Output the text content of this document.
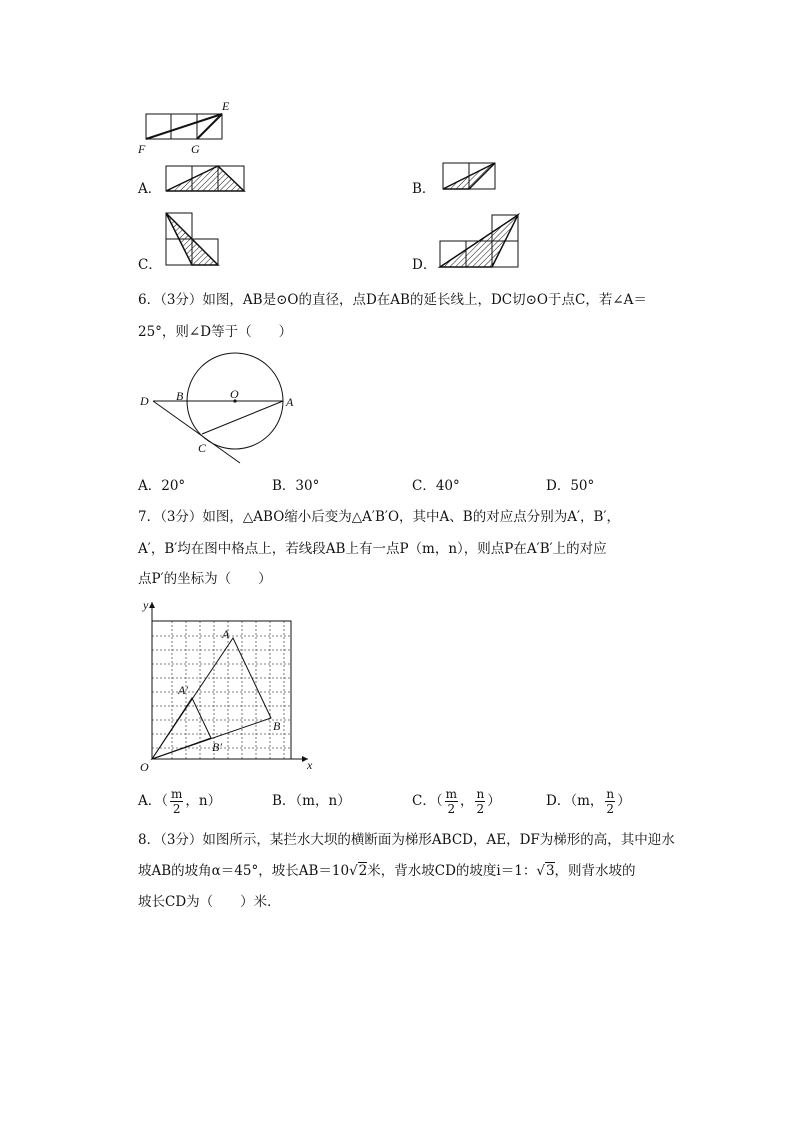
E
F	G
A．	B．
C．	D．
6．（3分）如图，AB是⊙O的直径，点D在AB的延长线上，DC切⊙O于点C，若∠A＝
25°，则∠D等于（　　）
D B	O
A
C
A．20°	B．30°	C．40°	D．50°
7．（3分）如图，△ABO缩小后变为△A′B′O，其中A、B的对应点分别为A′，B′，
A′，B′均在图中格点上，若线段AB上有一点P（m，n），则点P在A′B′上的对应
点P′的坐标为（　　）
y
x
O
A
A′
B
B′
A．（ $\frac{m}{2}$ ，n）	B．（m，n）	C．（ $\frac{m}{2}$ ， $\frac{n}{2}$ ）	D．（m， $\frac{n}{2}$ ）
8．（3分）如图所示，某拦水大坝的横断面为梯形ABCD，AE，DF为梯形的高，其中迎水
坡AB的坡角α＝45°，坡长AB＝10√2米，背水坡CD的坡度i＝1：√3，则背水坡的
坡长CD为（　　）米．
